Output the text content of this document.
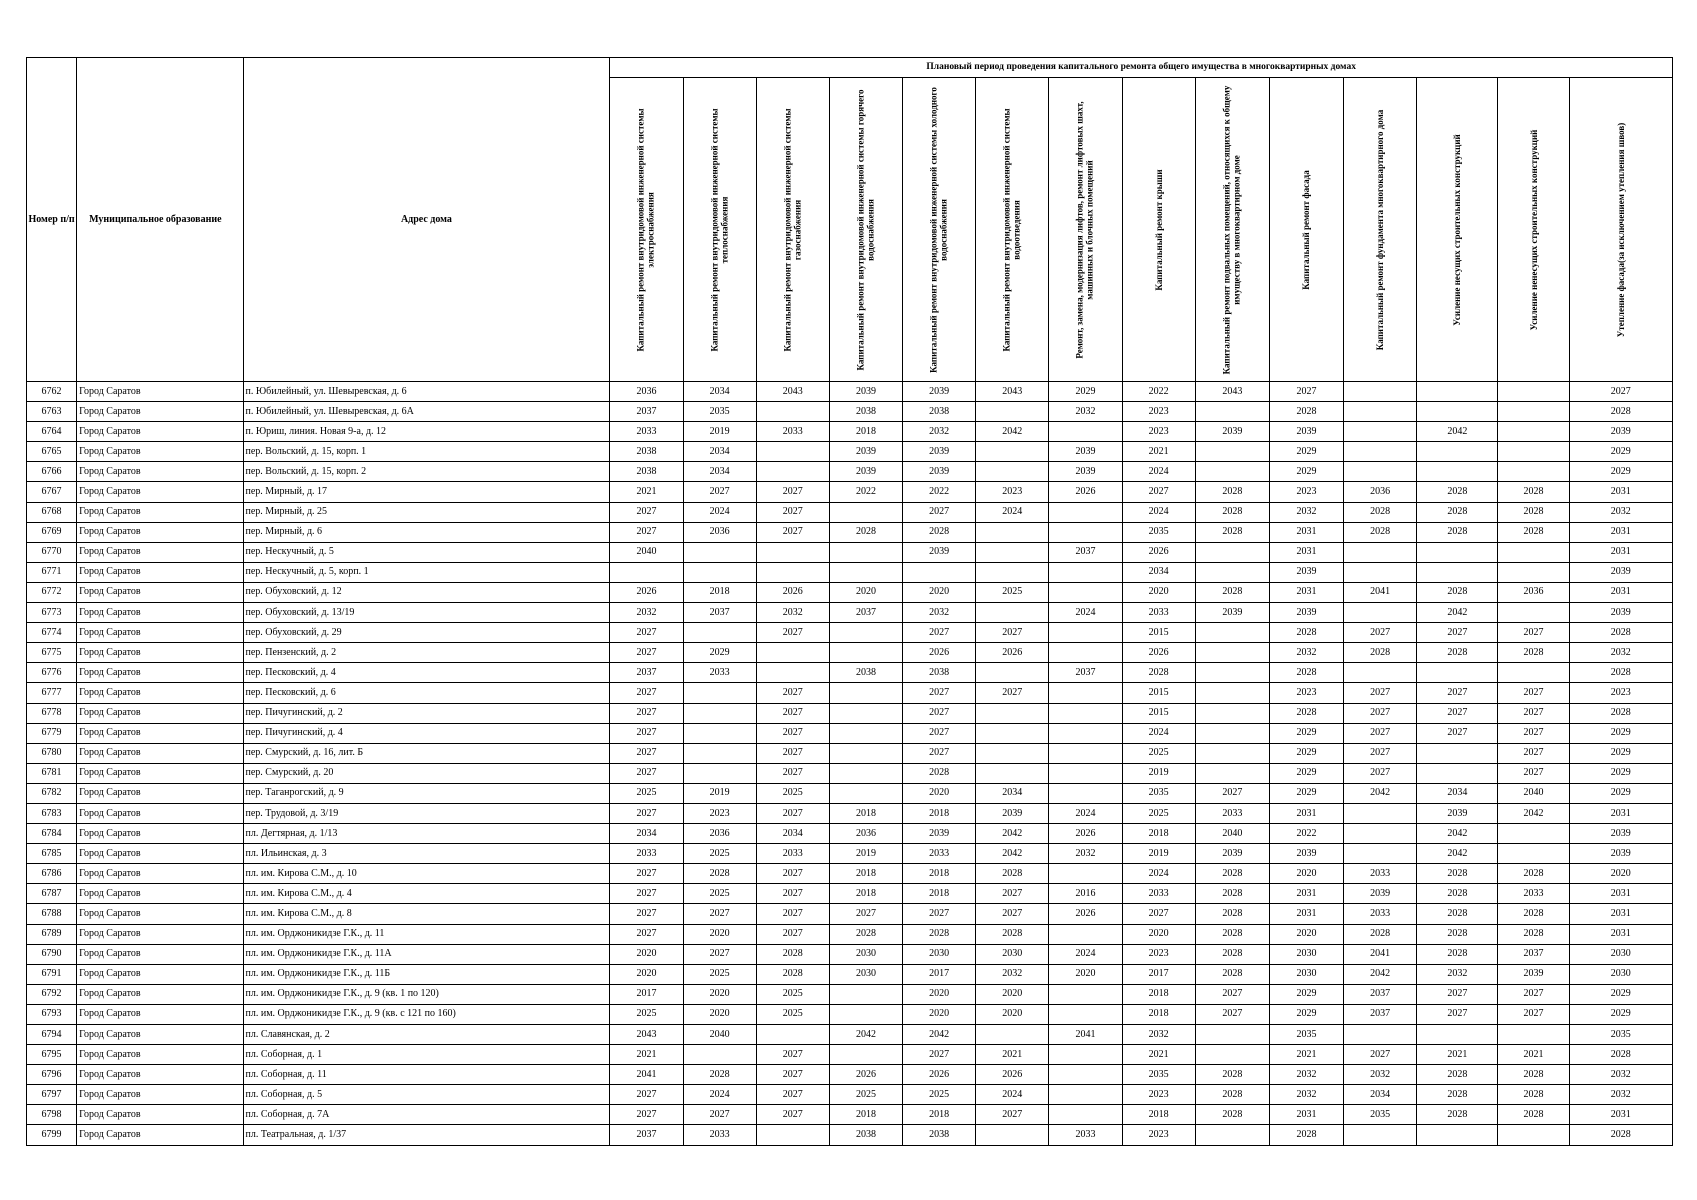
Номер п/п	Муниципальное образование	Адрес дома	Плановый период проведения капитального ремонта общего имущества в многоквартирных домах													

			Капитальный ремонт внутридомовой инженерной системы электроснабжения	Капитальный ремонт внутридомовой инженерной системы теплоснабжения	Капитальный ремонт внутридомовой инженерной системы газоснабжения	Капитальный ремонт внутридомовой инженерной системы горячего водоснабжения	Капитальный ремонт внутридомовой инженерной системы холодного водоснабжения	Капитальный ремонт внутридомовой инженерной системы водоотведения	Ремонт, замена, модернизация лифтов, ремонт лифтовых шахт, машинных и блочных помещений	Капитальный ремонт крыши	Капитальный ремонт подвальных помещений, относящихся к общему имуществу в многоквартирном доме	Капитальный ремонт фасада	Капитальный ремонт фундамента многоквартирного дома	Усиление несущих строительных конструкций	Усиление ненесущих строительных конструкций	Утепление фасада(за исключением утепления швов)

6762	Город Саратов	п. Юбилейный, ул. Шевыревская, д. 6	2036	2034	2043	2039	2039	2043	2029	2022	2043	2027				2027
6763	Город Саратов	п. Юбилейный, ул. Шевыревская, д. 6А	2037	2035		2038	2038		2032	2023		2028				2028
6764	Город Саратов	п. Юриш, линия. Новая 9-а, д. 12	2033	2019	2033	2018	2032	2042		2023	2039	2039		2042		2039
6765	Город Саратов	пер. Вольский, д. 15, корп. 1	2038	2034		2039	2039		2039	2021		2029				2029
6766	Город Саратов	пер. Вольский, д. 15, корп. 2	2038	2034		2039	2039		2039	2024		2029				2029
6767	Город Саратов	пер. Мирный, д. 17	2021	2027	2027	2022	2022	2023	2026	2027	2028	2023	2036	2028	2028	2031
6768	Город Саратов	пер. Мирный, д. 25	2027	2024	2027		2027	2024		2024	2028	2032	2028	2028	2028	2032
6769	Город Саратов	пер. Мирный, д. 6	2027	2036	2027	2028	2028			2035	2028	2031	2028	2028	2028	2031
6770	Город Саратов	пер. Нескучный, д. 5	2040				2039		2037	2026		2031				2031
6771	Город Саратов	пер. Нескучный, д. 5, корп. 1								2034		2039				2039
6772	Город Саратов	пер. Обуховский, д. 12	2026	2018	2026	2020	2020	2025		2020	2028	2031	2041	2028	2036	2031
6773	Город Саратов	пер. Обуховский, д. 13/19	2032	2037	2032	2037	2032		2024	2033	2039	2039		2042		2039
6774	Город Саратов	пер. Обуховский, д. 29	2027		2027		2027	2027		2015		2028	2027	2027	2027	2028
6775	Город Саратов	пер. Пензенский, д. 2	2027	2029			2026	2026		2026		2032	2028	2028	2028	2032
6776	Город Саратов	пер. Песковский, д. 4	2037	2033		2038	2038		2037	2028		2028				2028
6777	Город Саратов	пер. Песковский, д. 6	2027		2027		2027	2027		2015		2023	2027	2027	2027	2023
6778	Город Саратов	пер. Пичугинский, д. 2	2027		2027		2027			2015		2028	2027	2027	2027	2028
6779	Город Саратов	пер. Пичугинский, д. 4	2027		2027		2027			2024		2029	2027	2027	2027	2029
6780	Город Саратов	пер. Смурский, д. 16, лит. Б	2027		2027		2027			2025		2029	2027		2027	2029
6781	Город Саратов	пер. Смурский, д. 20	2027		2027		2028			2019		2029	2027		2027	2029
6782	Город Саратов	пер. Таганрогский, д. 9	2025	2019	2025		2020	2034		2035	2027	2029	2042	2034	2040	2029
6783	Город Саратов	пер. Трудовой, д. 3/19	2027	2023	2027	2018	2018	2039	2024	2025	2033	2031		2039	2042	2031
6784	Город Саратов	пл. Дегтярная, д. 1/13	2034	2036	2034	2036	2039	2042	2026	2018	2040	2022		2042		2039
6785	Город Саратов	пл. Ильинская, д. 3	2033	2025	2033	2019	2033	2042	2032	2019	2039	2039		2042		2039
6786	Город Саратов	пл. им. Кирова С.М., д. 10	2027	2028	2027	2018	2018	2028		2024	2028	2020	2033	2028	2028	2020
6787	Город Саратов	пл. им. Кирова С.М., д. 4	2027	2025	2027	2018	2018	2027	2016	2033	2028	2031	2039	2028	2033	2031
6788	Город Саратов	пл. им. Кирова С.М., д. 8	2027	2027	2027	2027	2027	2027	2026	2027	2028	2031	2033	2028	2028	2031
6789	Город Саратов	пл. им. Орджоникидзе Г.К., д. 11	2027	2020	2027	2028	2028	2028		2020	2028	2020	2028	2028	2028	2031
6790	Город Саратов	пл. им. Орджоникидзе Г.К., д. 11А	2020	2027	2028	2030	2030	2030	2024	2023	2028	2030	2041	2028	2037	2030
6791	Город Саратов	пл. им. Орджоникидзе Г.К., д. 11Б	2020	2025	2028	2030	2017	2032	2020	2017	2028	2030	2042	2032	2039	2030
6792	Город Саратов	пл. им. Орджоникидзе Г.К., д. 9 (кв. 1 по 120)	2017	2020	2025		2020	2020		2018	2027	2029	2037	2027	2027	2029
6793	Город Саратов	пл. им. Орджоникидзе Г.К., д. 9 (кв. с 121 по 160)	2025	2020	2025		2020	2020		2018	2027	2029	2037	2027	2027	2029
6794	Город Саратов	пл. Славянская, д. 2	2043	2040		2042	2042		2041	2032		2035				2035
6795	Город Саратов	пл. Соборная, д. 1	2021		2027		2027	2021		2021		2021	2027	2021	2021	2028
6796	Город Саратов	пл. Соборная, д. 11	2041	2028	2027	2026	2026	2026		2035	2028	2032	2032	2028	2028	2032
6797	Город Саратов	пл. Соборная, д. 5	2027	2024	2027	2025	2025	2024		2023	2028	2032	2034	2028	2028	2032
6798	Город Саратов	пл. Соборная, д. 7А	2027	2027	2027	2018	2018	2027		2018	2028	2031	2035	2028	2028	2031
6799	Город Саратов	пл. Театральная, д. 1/37	2037	2033		2038	2038		2033	2023		2028				2028
